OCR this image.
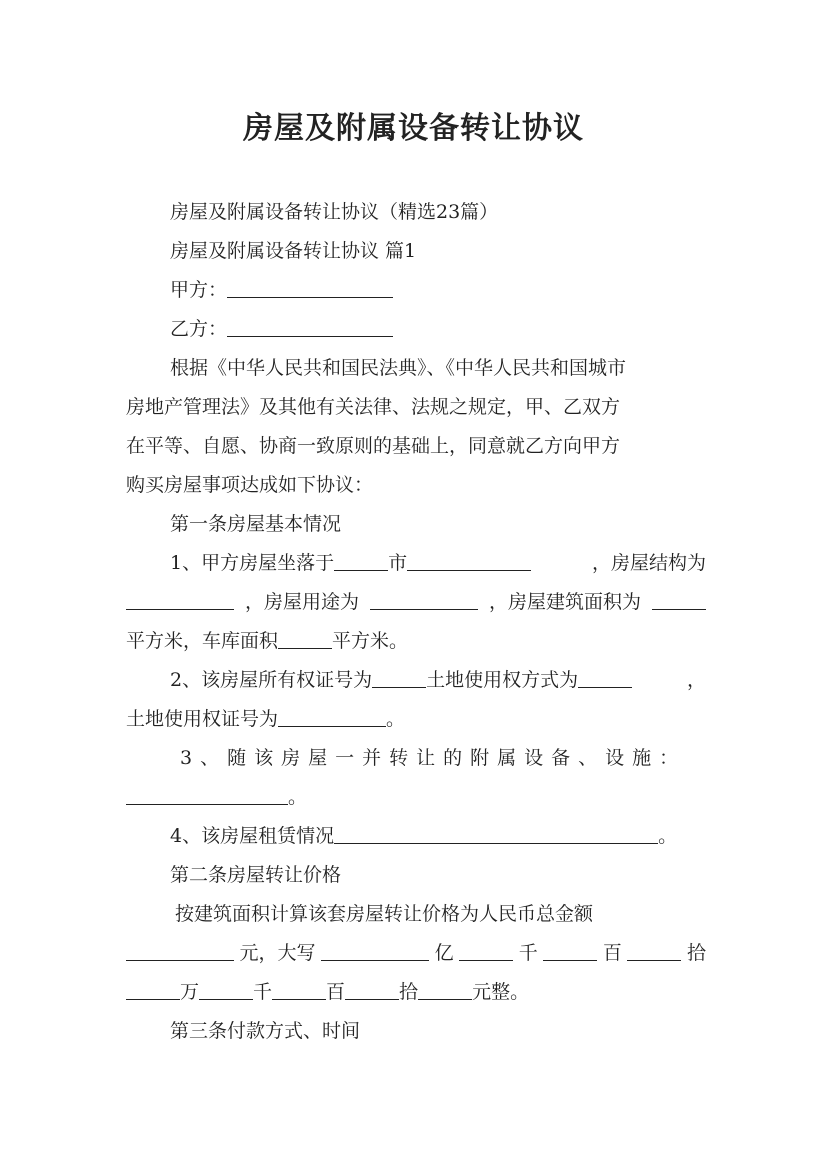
房屋及附属设备转让协议
房屋及附属设备转让协议（精选23篇）
房屋及附属设备转让协议 篇1
甲方：
乙方：
根据《中华人民共和国民法典》、《中华人民共和国城市
房地产管理法》及其他有关法律、法规之规定，甲、乙双方
在平等、自愿、协商一致原则的基础上，同意就乙方向甲方
购买房屋事项达成如下协议：
第一条房屋基本情况
1、甲方房屋坐落于	市	，房屋结构为
，房屋用途为	，房屋建筑面积为
平方米，车库面积	平方米。
2、该房屋所有权证号为	土地使用权方式为	，
土地使用权证号为	。
3、随该房屋一并转让的附属设备、设施：
。
4、该房屋租赁情况	。
第二条房屋转让价格
按建筑面积计算该套房屋转让价格为人民币总金额
元，大写	亿	千	百	拾
万	千	百	拾	元整。
第三条付款方式、时间
